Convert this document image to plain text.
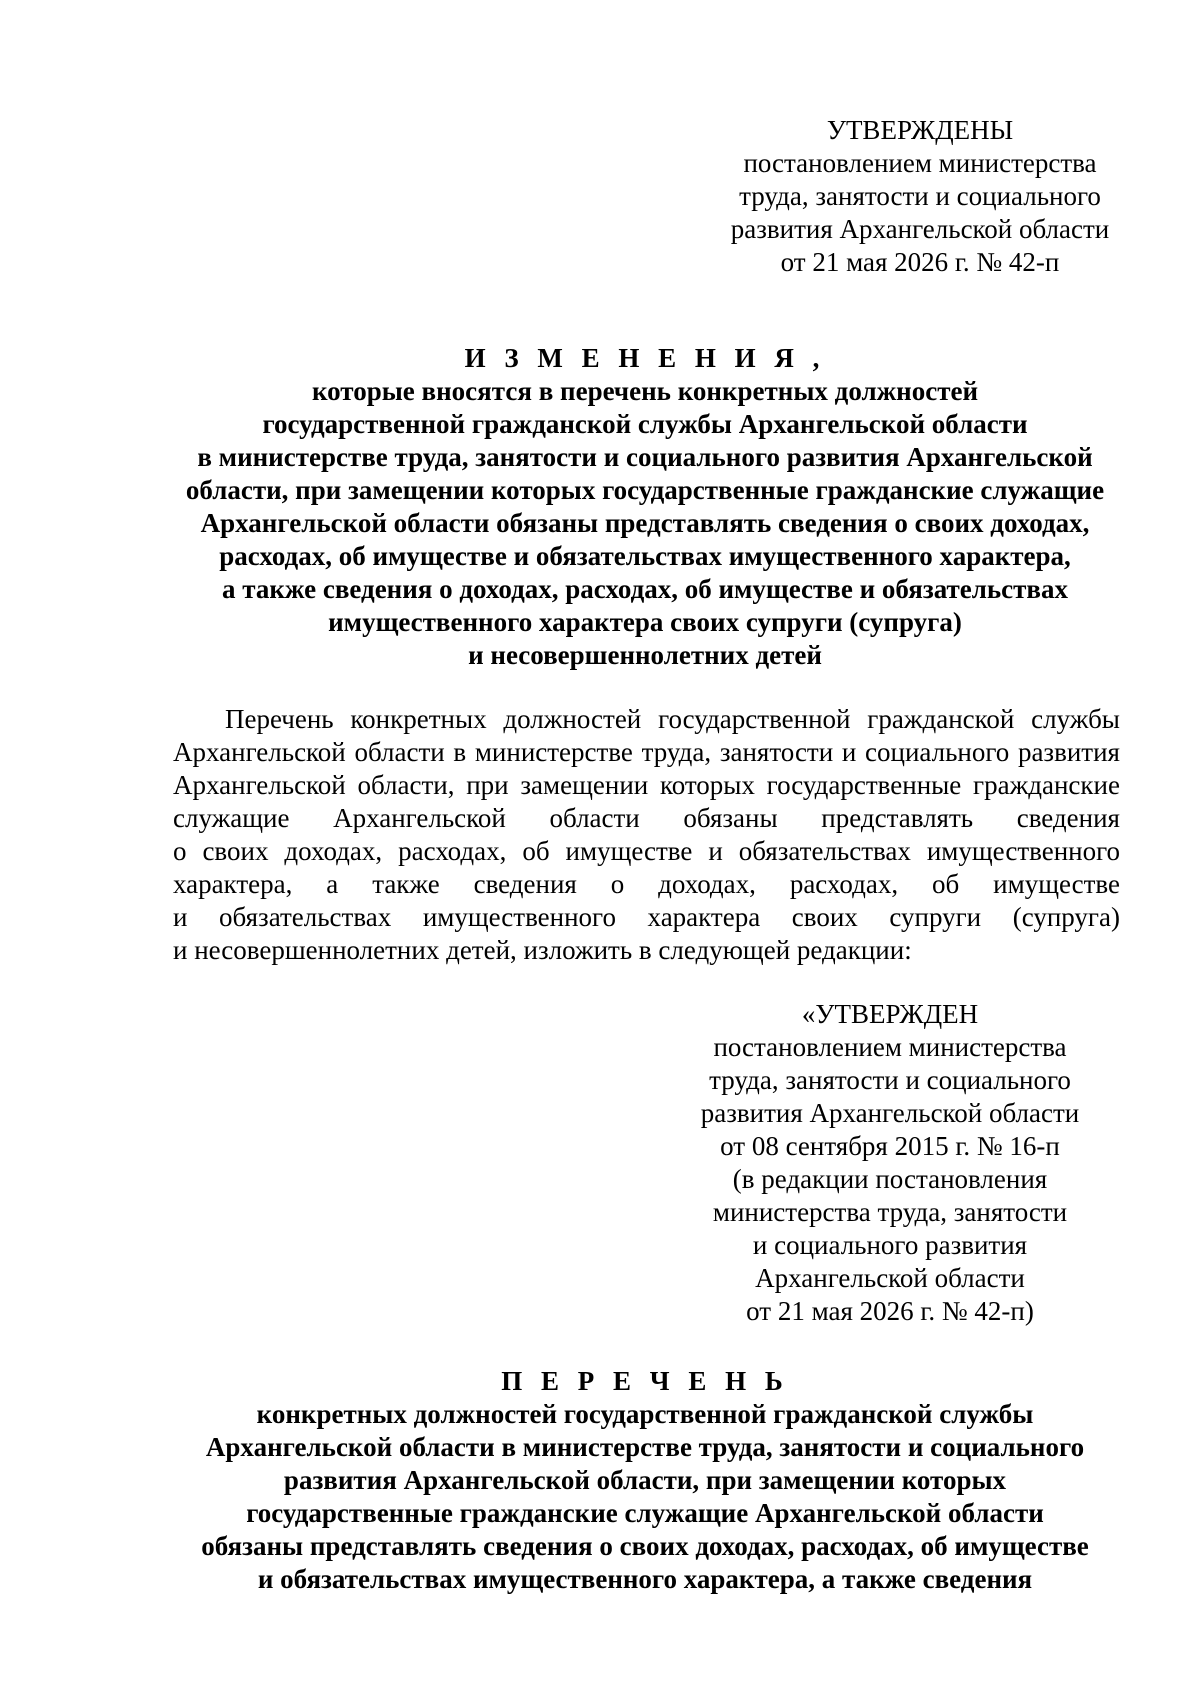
УТВЕРЖДЕНЫ
постановлением министерства
труда, занятости и социального
развития Архангельской области
от 21 мая 2026 г. № 42-п
И З М Е Н Е Н И Я ,
которые вносятся в перечень конкретных должностей
государственной гражданской службы Архангельской области
в министерстве труда, занятости и социального развития Архангельской
области, при замещении которых государственные гражданские служащие
Архангельской области обязаны представлять сведения о своих доходах,
расходах, об имуществе и обязательствах имущественного характера,
а также сведения о доходах, расходах, об имуществе и обязательствах
имущественного характера своих супруги (супруга)
и несовершеннолетних детей
Перечень конкретных должностей государственной гражданской службы
Архангельской области в министерстве труда, занятости и социального развития
Архангельской области, при замещении которых государственные гражданские
служащие Архангельской области обязаны представлять сведения
о своих доходах, расходах, об имуществе и обязательствах имущественного
характера, а также сведения о доходах, расходах, об имуществе
и обязательствах имущественного характера своих супруги (супруга)
и несовершеннолетних детей, изложить в следующей редакции:
«УТВЕРЖДЕН
постановлением министерства
труда, занятости и социального
развития Архангельской области
от 08 сентября 2015 г. № 16-п
(в редакции постановления
министерства труда, занятости
и социального развития
Архангельской области
от 21 мая 2026 г. № 42-п)
П Е Р Е Ч Е Н Ь
конкретных должностей государственной гражданской службы
Архангельской области в министерстве труда, занятости и социального
развития Архангельской области, при замещении которых
государственные гражданские служащие Архангельской области
обязаны представлять сведения о своих доходах, расходах, об имуществе
и обязательствах имущественного характера, а также сведения
